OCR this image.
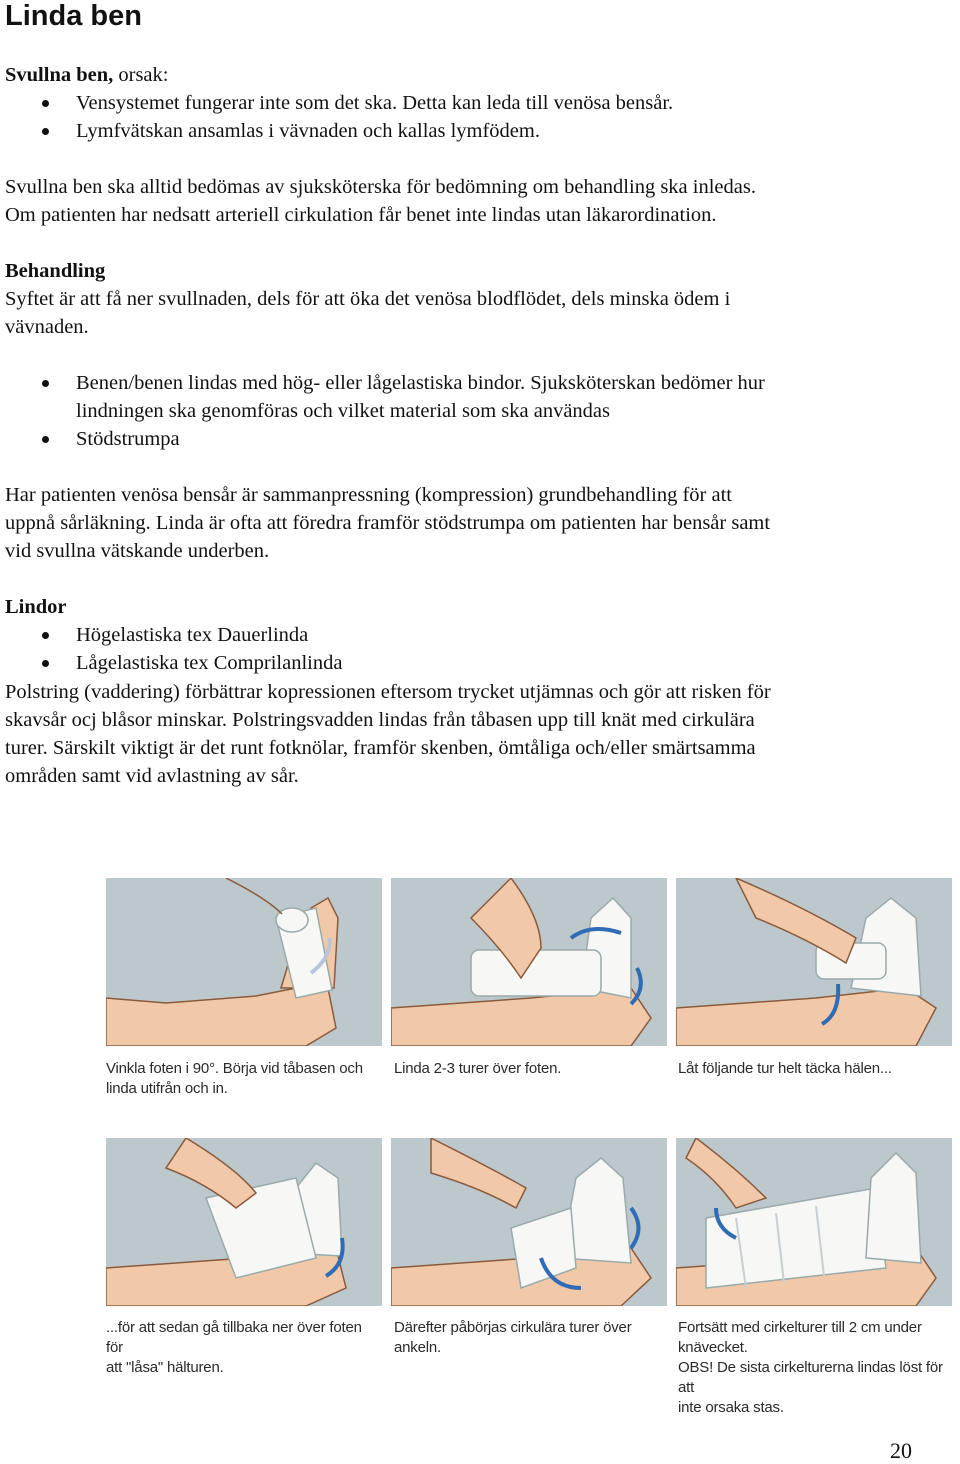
Linda ben

Svullna ben, orsak:

Vensystemet fungerar inte som det ska. Detta kan leda till venösa bensår.
Lymfvätskan ansamlas i vävnaden och kallas lymfödem.

Svullna ben ska alltid bedömas av sjuksköterska för bedömning om behandling ska inledas.

Om patienten har nedsatt arteriell cirkulation får benet inte lindas utan läkarordination.

Behandling

Syftet är att få ner svullnaden, dels för att öka det venösa blodflödet, dels minska ödem i

vävnaden.

Benen/benen lindas med hög- eller lågelastiska bindor. Sjuksköterskan bedömer hur
lindningen ska genomföras och vilket material som ska användas
Stödstrumpa

Har patienten venösa bensår är sammanpressning (kompression) grundbehandling för att

uppnå sårläkning. Linda är ofta att föredra framför stödstrumpa om patienten har bensår samt

vid svullna vätskande underben.

Lindor

Högelastiska tex Dauerlinda
Lågelastiska tex Comprilanlinda

Polstring (vaddering) förbättrar kopressionen eftersom trycket utjämnas och gör att risken för

skavsår ocj blåsor minskar. Polstringsvadden lindas från tåbasen upp till knät med cirkulära

turer. Särskilt viktigt är det runt fotknölar, framför skenben, ömtåliga och/eller smärtsamma

områden samt vid avlastning av sår.

Vinkla foten i 90°. Börja vid tåbasen och
linda utifrån och in.
Linda 2-3 turer över foten.	Låt följande tur helt täcka hälen...
...för att sedan gå tillbaka ner över foten för
att "låsa" hälturen.
Därefter påbörjas cirkulära turer över ankeln.
Fortsätt med cirkelturer till 2 cm under
knävecket.
OBS! De sista cirkelturerna lindas löst för att
inte orsaka stas.
20
